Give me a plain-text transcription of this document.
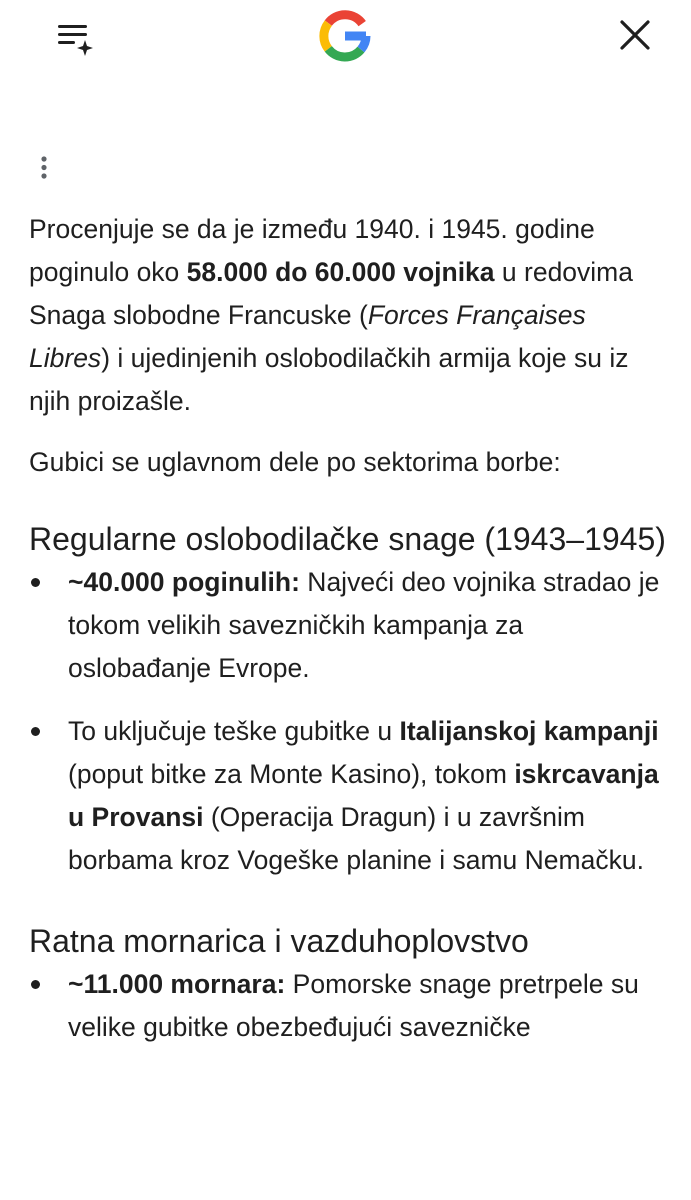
Procenjuje se da je između 1940. i 1945. godine poginulo oko 58.000 do 60.000 vojnika u redovima Snaga slobodne Francuske (Forces Françaises Libres) i ujedinjenih oslobodilačkih armija koje su iz njih proizašle.

Gubici se uglavnom dele po sektorima borbe:

Regularne oslobodilačke snage (1943–1945)
~40.000 poginulih: Najveći deo vojnika stradao je tokom velikih savezničkih kampanja za oslobađanje Evrope.
To uključuje teške gubitke u Italijanskoj kampanji (poput bitke za Monte Kasino), tokom iskrcavanja u Provansi (Operacija Dragun) i u završnim borbama kroz Vogeške planine i samu Nemačku.
Ratna mornarica i vazduhoplovstvo
~11.000 mornara: Pomorske snage pretrpele su velike gubitke obezbeđujući savezničke
